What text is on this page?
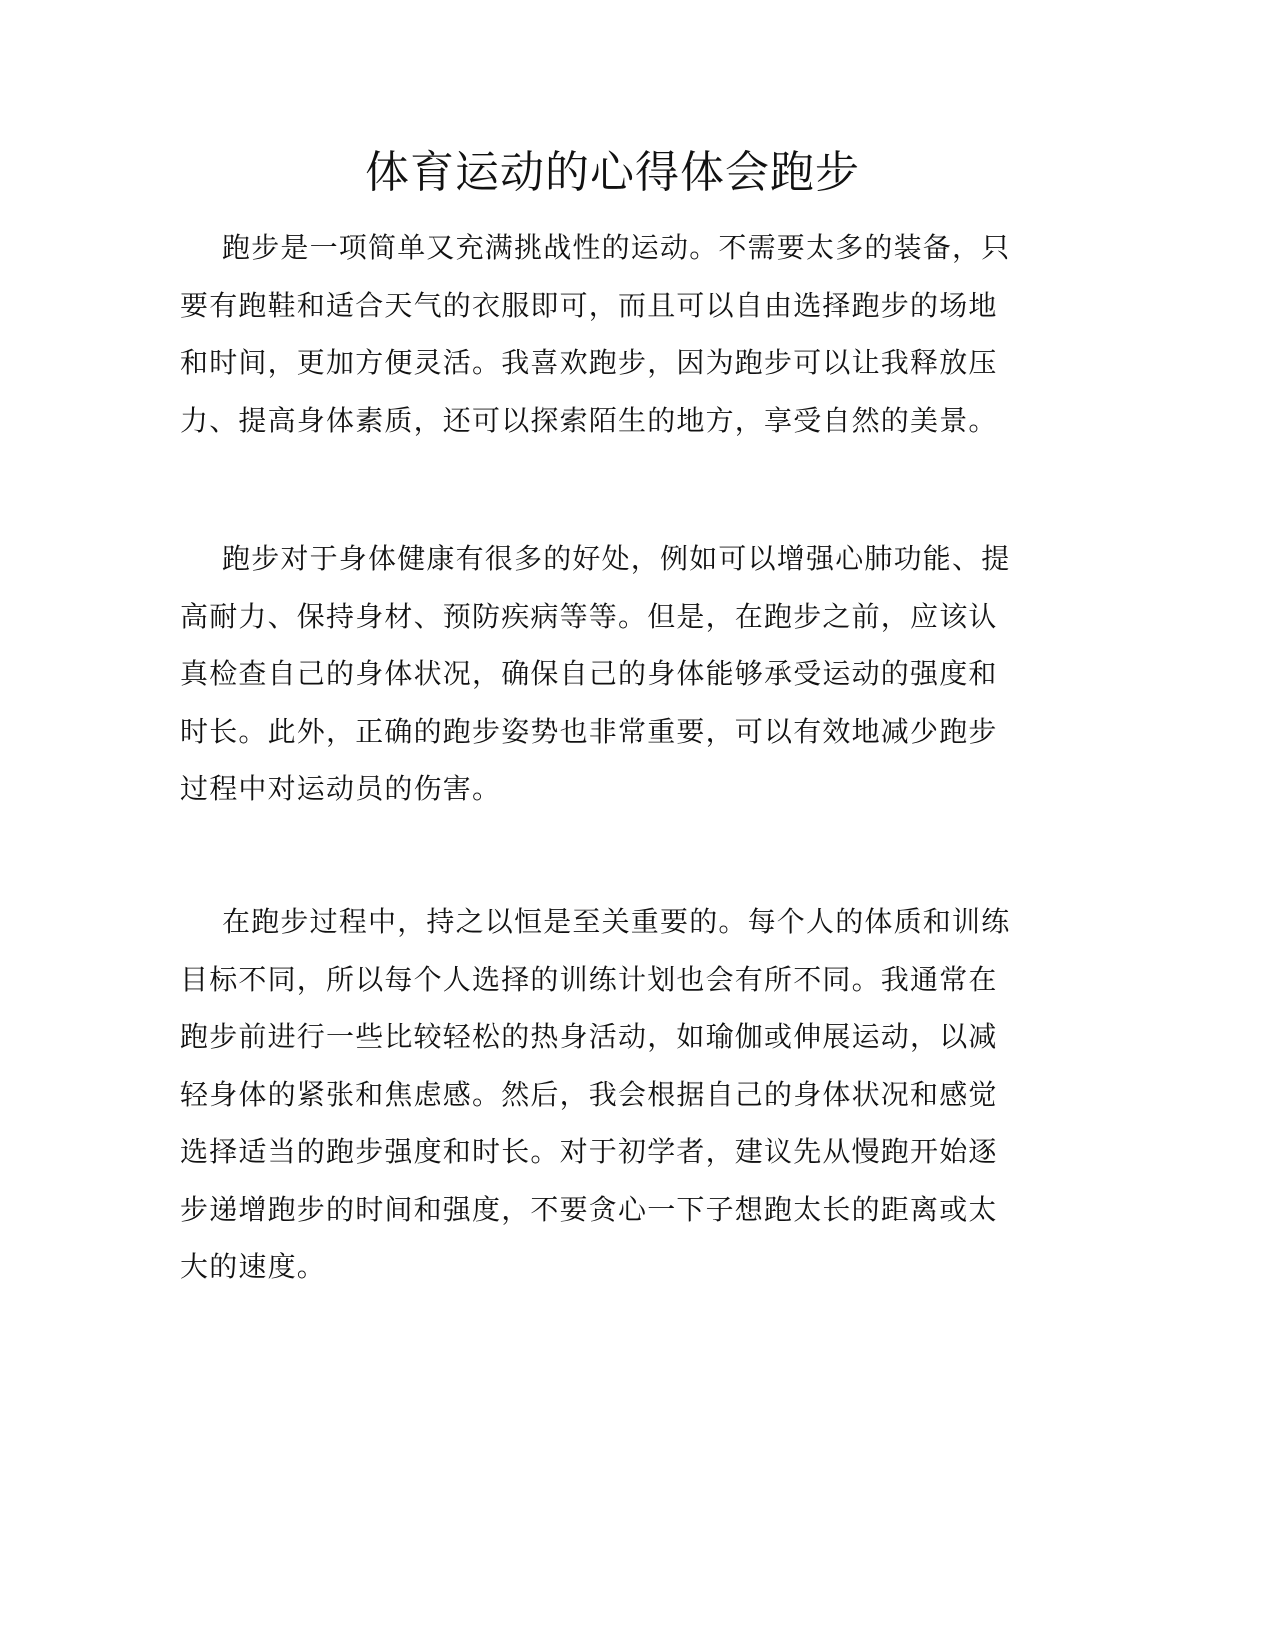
体育运动的心得体会跑步
跑步是一项简单又充满挑战性的运动。不需要太多的装备，只
要有跑鞋和适合天气的衣服即可，而且可以自由选择跑步的场地
和时间，更加方便灵活。我喜欢跑步，因为跑步可以让我释放压
力、提高身体素质，还可以探索陌生的地方，享受自然的美景。
跑步对于身体健康有很多的好处，例如可以增强心肺功能、提
高耐力、保持身材、预防疾病等等。但是，在跑步之前，应该认
真检查自己的身体状况，确保自己的身体能够承受运动的强度和
时长。此外，正确的跑步姿势也非常重要，可以有效地减少跑步
过程中对运动员的伤害。
在跑步过程中，持之以恒是至关重要的。每个人的体质和训练
目标不同，所以每个人选择的训练计划也会有所不同。我通常在
跑步前进行一些比较轻松的热身活动，如瑜伽或伸展运动，以减
轻身体的紧张和焦虑感。然后，我会根据自己的身体状况和感觉
选择适当的跑步强度和时长。对于初学者，建议先从慢跑开始逐
步递增跑步的时间和强度，不要贪心一下子想跑太长的距离或太
大的速度。
